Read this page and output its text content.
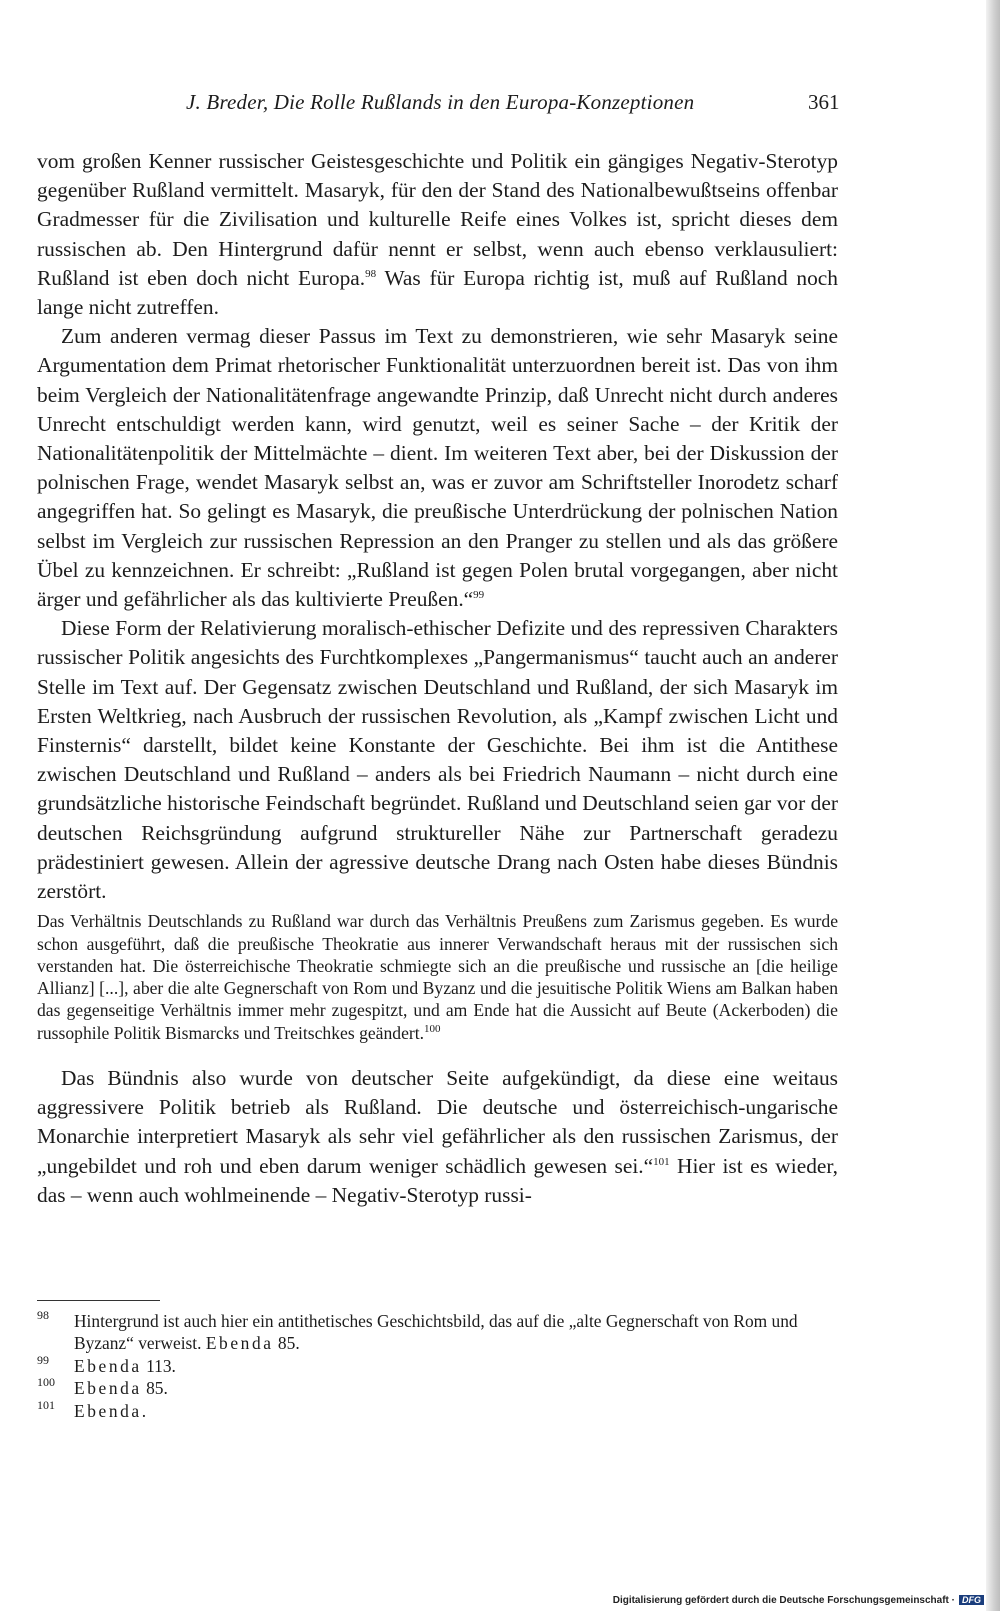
J. Breder, Die Rolle Rußlands in den Europa-Konzeptionen	361

vom großen Kenner russischer Geistesgeschichte und Politik ein gängiges Negativ-Sterotyp gegenüber Rußland vermittelt. Masaryk, für den der Stand des Nationalbewußtseins offenbar Gradmesser für die Zivilisation und kulturelle Reife eines Volkes ist, spricht dieses dem russischen ab. Den Hintergrund dafür nennt er selbst, wenn auch ebenso verklausuliert: Rußland ist eben doch nicht Europa.$^{98}$ Was für Europa richtig ist, muß auf Rußland noch lange nicht zutreffen.

Zum anderen vermag dieser Passus im Text zu demonstrieren, wie sehr Masaryk seine Argumentation dem Primat rhetorischer Funktionalität unterzuordnen bereit ist. Das von ihm beim Vergleich der Nationalitätenfrage angewandte Prinzip, daß Unrecht nicht durch anderes Unrecht entschuldigt werden kann, wird genutzt, weil es seiner Sache – der Kritik der Nationalitätenpolitik der Mittelmächte – dient. Im weiteren Text aber, bei der Diskussion der polnischen Frage, wendet Masaryk selbst an, was er zuvor am Schriftsteller Inorodetz scharf angegriffen hat. So gelingt es Masaryk, die preußische Unterdrückung der polnischen Nation selbst im Vergleich zur russischen Repression an den Pranger zu stellen und als das größere Übel zu kennzeichnen. Er schreibt: „Rußland ist gegen Polen brutal vorgegangen, aber nicht ärger und gefährlicher als das kultivierte Preußen.“$^{99}$

Diese Form der Relativierung moralisch-ethischer Defizite und des repressiven Charakters russischer Politik angesichts des Furchtkomplexes „Pangermanismus“ taucht auch an anderer Stelle im Text auf. Der Gegensatz zwischen Deutschland und Rußland, der sich Masaryk im Ersten Weltkrieg, nach Ausbruch der russischen Revolution, als „Kampf zwischen Licht und Finsternis“ darstellt, bildet keine Konstante der Geschichte. Bei ihm ist die Antithese zwischen Deutschland und Rußland – anders als bei Friedrich Naumann – nicht durch eine grundsätzliche historische Feindschaft begründet. Rußland und Deutschland seien gar vor der deutschen Reichsgründung aufgrund struktureller Nähe zur Partnerschaft geradezu prädestiniert gewesen. Allein der agressive deutsche Drang nach Osten habe dieses Bündnis zerstört.

Das Verhältnis Deutschlands zu Rußland war durch das Verhältnis Preußens zum Zarismus gegeben. Es wurde schon ausgeführt, daß die preußische Theokratie aus innerer Verwandschaft heraus mit der russischen sich verstanden hat. Die österreichische Theokratie schmiegte sich an die preußische und russische an [die heilige Allianz] [...], aber die alte Gegnerschaft von Rom und Byzanz und die jesuitische Politik Wiens am Balkan haben das gegenseitige Verhältnis immer mehr zugespitzt, und am Ende hat die Aussicht auf Beute (Ackerboden) die russophile Politik Bismarcks und Treitschkes geändert.$^{100}$

Das Bündnis also wurde von deutscher Seite aufgekündigt, da diese eine weitaus aggressivere Politik betrieb als Rußland. Die deutsche und österreichisch-ungarische Monarchie interpretiert Masaryk als sehr viel gefährlicher als den russischen Zarismus, der „ungebildet und roh und eben darum weniger schädlich gewesen sei.“$^{101}$ Hier ist es wieder, das – wenn auch wohlmeinende – Negativ-Sterotyp russi-

98 Hintergrund ist auch hier ein antithetisches Geschichtsbild, das auf die „alte Gegnerschaft von Rom und Byzanz“ verweist. Ebenda 85.
99 Ebenda 113.
100 Ebenda 85.
101 Ebenda.
Digitalisierung gefördert durch die Deutsche Forschungsgemeinschaft · DFG
